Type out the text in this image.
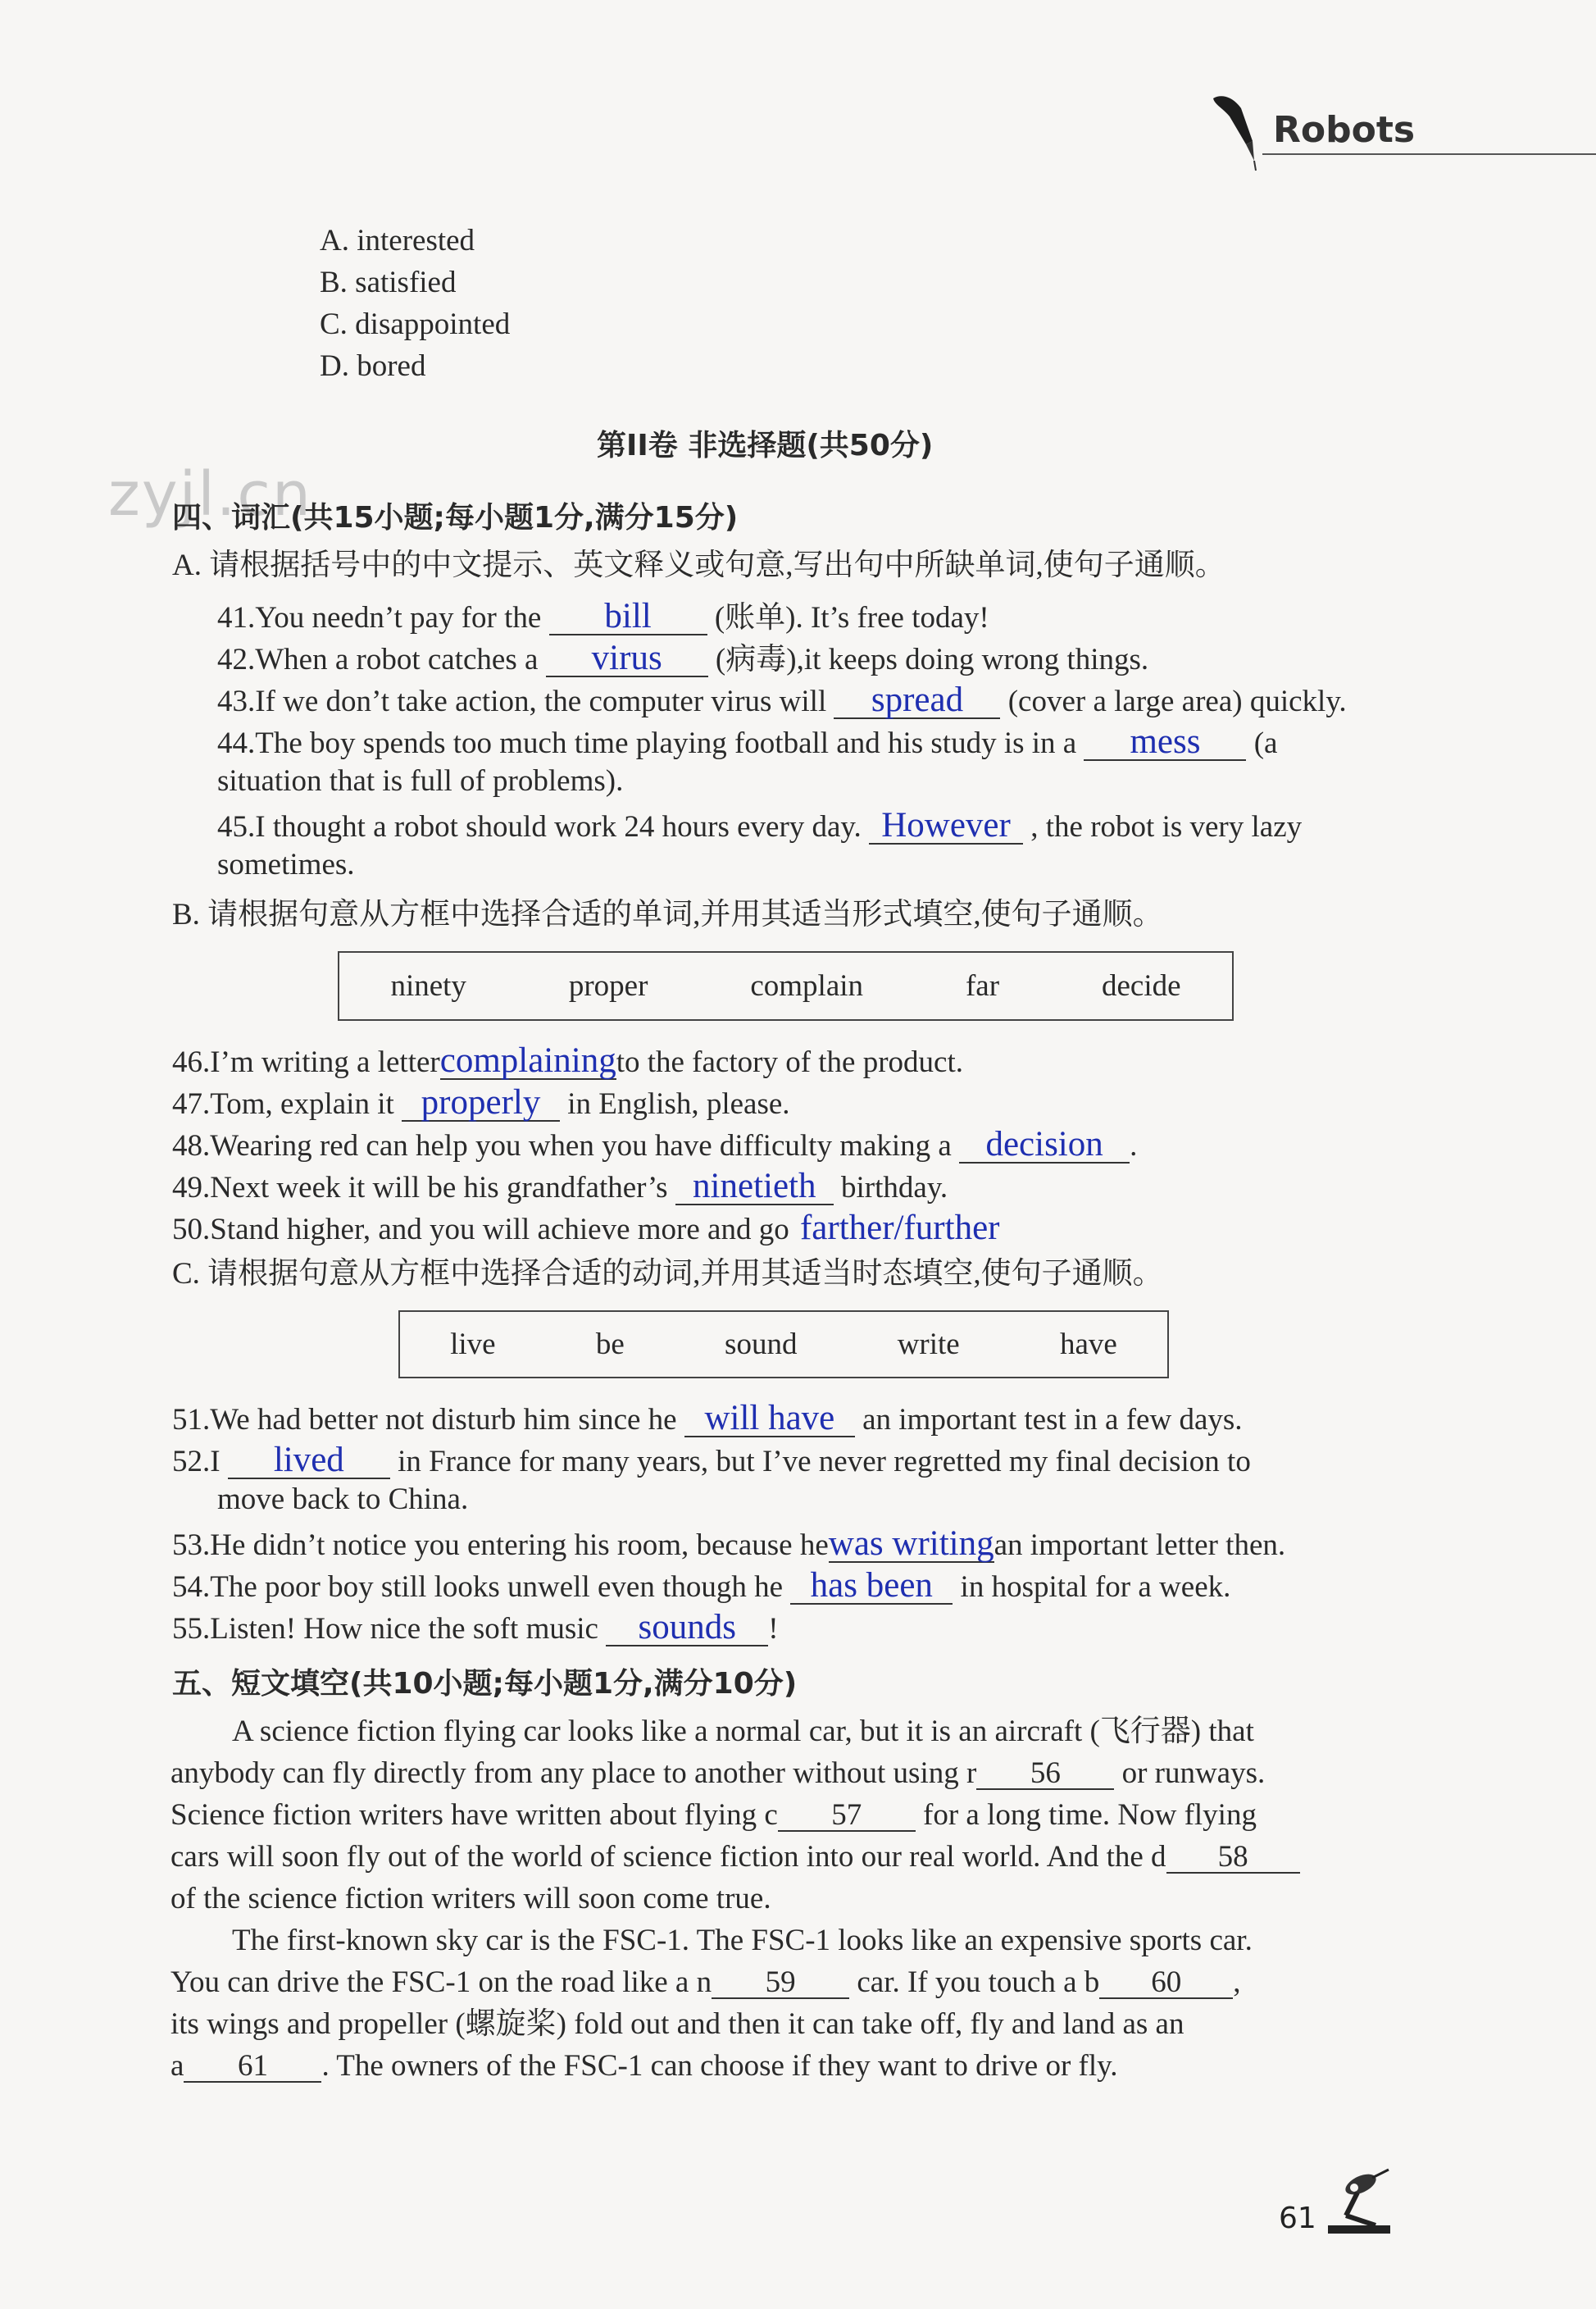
Robots
A. interested
B. satisfied
C. disappointed
D. bored
第II卷 非选择题(共50分)
zyjl.cn
四、词汇(共15小题;每小题1分,满分15分)
A. 请根据括号中的中文提示、英文释义或句意,写出句中所缺单词,使句子通顺。
41.You needn’t pay for the bill (账单). It’s free today!
42.When a robot catches a virus (病毒),it keeps doing wrong things.
43.If we don’t take action, the computer virus will spread (cover a large area) quickly.
44.The boy spends too much time playing football and his study is in a mess (a
situation that is full of problems).
45.I thought a robot should work 24 hours every day. However , the robot is very lazy
sometimes.
B. 请根据句意从方框中选择合适的单词,并用其适当形式填空,使句子通顺。
ninety	proper	complain	far	decide
46.I’m writing a lettercomplainingto the factory of the product.
47.Tom, explain it properly in English, please.
48.Wearing red can help you when you have difficulty making a decision .
49.Next week it will be his grandfather’s ninetieth birthday.
50.Stand higher, and you will achieve more and go farther/further
C. 请根据句意从方框中选择合适的动词,并用其适当时态填空,使句子通顺。
live	be	sound	write	have
51.We had better not disturb him since he will have an important test in a few days.
52.I lived in France for many years, but I’ve never regretted my final decision to
move back to China.
53.He didn’t notice you entering his room, because hewas writingan important letter then.
54.The poor boy still looks unwell even though he has been in hospital for a week.
55.Listen! How nice the soft music sounds !
五、短文填空(共10小题;每小题1分,满分10分)
A science fiction flying car looks like a normal car, but it is an aircraft (飞行器) that
anybody can fly directly from any place to another without using r 56 or runways.
Science fiction writers have written about flying c 57 for a long time. Now flying
cars will soon fly out of the world of science fiction into our real world. And the d 58
of the science fiction writers will soon come true.
The first-known sky car is the FSC-1. The FSC-1 looks like an expensive sports car.
You can drive the FSC-1 on the road like a n 59 car. If you touch a b 60 ,
its wings and propeller (螺旋桨) fold out and then it can take off, fly and land as an
a 61 . The owners of the FSC-1 can choose if they want to drive or fly.
61
